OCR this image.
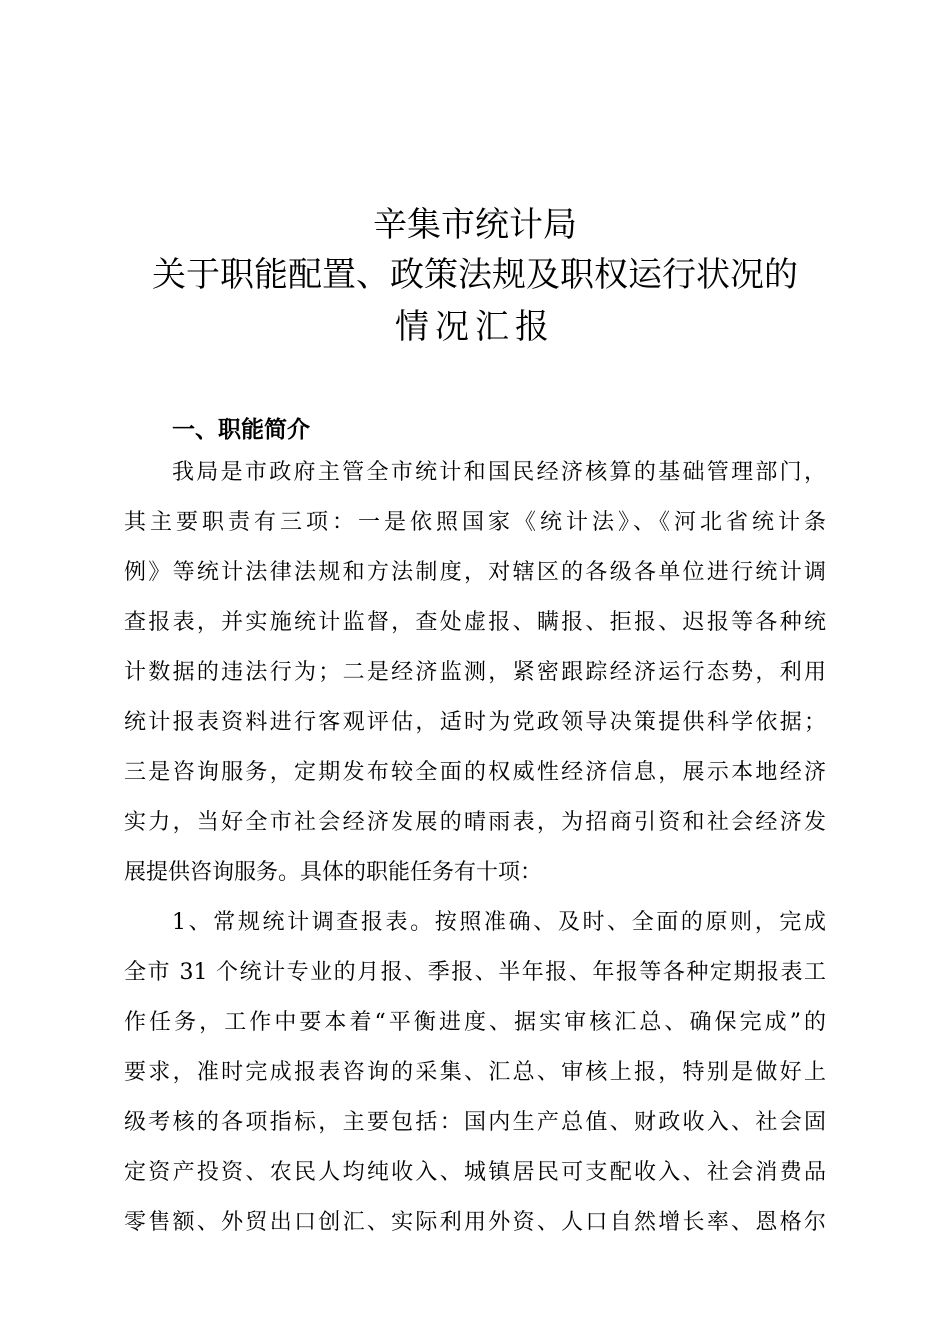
辛集市统计局
关于职能配置、政策法规及职权运行状况的
情况汇报
一、职能简介
我局是市政府主管全市统计和国民经济核算的基础管理部门，
其主要职责有三项：一是依照国家《统计法》、《河北省统计条
例》等统计法律法规和方法制度，对辖区的各级各单位进行统计调
查报表，并实施统计监督，查处虚报、瞒报、拒报、迟报等各种统
计数据的违法行为；二是经济监测，紧密跟踪经济运行态势，利用
统计报表资料进行客观评估，适时为党政领导决策提供科学依据；
三是咨询服务，定期发布较全面的权威性经济信息，展示本地经济
实力，当好全市社会经济发展的晴雨表，为招商引资和社会经济发
展提供咨询服务。具体的职能任务有十项：
1、常规统计调查报表。按照准确、及时、全面的原则，完成
全市 31 个统计专业的月报、季报、半年报、年报等各种定期报表工
作任务，工作中要本着“平衡进度、据实审核汇总、确保完成”的
要求，准时完成报表咨询的采集、汇总、审核上报，特别是做好上
级考核的各项指标，主要包括：国内生产总值、财政收入、社会固
定资产投资、农民人均纯收入、城镇居民可支配收入、社会消费品
零售额、外贸出口创汇、实际利用外资、人口自然增长率、恩格尔
